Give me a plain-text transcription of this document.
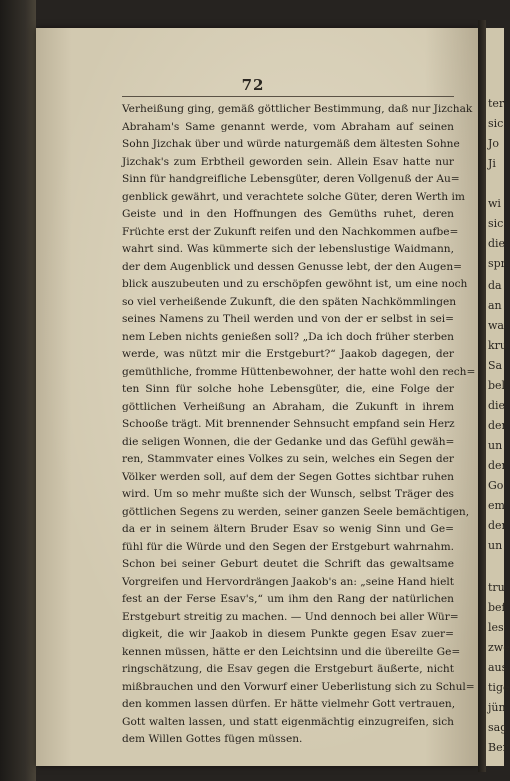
72
Verheißung ging, gemäß göttlicher Bestimmung, daß nur Jizchak
Abraham's Same genannt werde, vom Abraham auf seinen
Sohn Jizchak über und würde naturgemäß dem ältesten Sohne
Jizchak's zum Erbtheil geworden sein. Allein Esav hatte nur
Sinn für handgreifliche Lebensgüter, deren Vollgenuß der Au=
genblick gewährt, und verachtete solche Güter, deren Werth im
Geiste und in den Hoffnungen des Gemüths ruhet, deren
Früchte erst der Zukunft reifen und den Nachkommen aufbe=
wahrt sind. Was kümmerte sich der lebenslustige Waidmann,
der dem Augenblick und dessen Genusse lebt, der den Augen=
blick auszubeuten und zu erschöpfen gewöhnt ist, um eine noch
so viel verheißende Zukunft, die den späten Nachkömmlingen
seines Namens zu Theil werden und von der er selbst in sei=
nem Leben nichts genießen soll? „Da ich doch früher sterben
werde, was nützt mir die Erstgeburt?“ Jaakob dagegen, der
gemüthliche, fromme Hüttenbewohner, der hatte wohl den rech=
ten Sinn für solche hohe Lebensgüter, die, eine Folge der
göttlichen Verheißung an Abraham, die Zukunft in ihrem
Schooße trägt. Mit brennender Sehnsucht empfand sein Herz
die seligen Wonnen, die der Gedanke und das Gefühl gewäh=
ren, Stammvater eines Volkes zu sein, welches ein Segen der
Völker werden soll, auf dem der Segen Gottes sichtbar ruhen
wird. Um so mehr mußte sich der Wunsch, selbst Träger des
göttlichen Segens zu werden, seiner ganzen Seele bemächtigen,
da er in seinem ältern Bruder Esav so wenig Sinn und Ge=
fühl für die Würde und den Segen der Erstgeburt wahrnahm.
Schon bei seiner Geburt deutet die Schrift das gewaltsame
Vorgreifen und Hervordrängen Jaakob's an: „seine Hand hielt
fest an der Ferse Esav's,“ um ihm den Rang der natürlichen
Erstgeburt streitig zu machen. — Und dennoch bei aller Wür=
digkeit, die wir Jaakob in diesem Punkte gegen Esav zuer=
kennen müssen, hätte er den Leichtsinn und die übereilte Ge=
ringschätzung, die Esav gegen die Erstgeburt äußerte, nicht
mißbrauchen und den Vorwurf einer Ueberlistung sich zu Schul=
den kommen lassen dürfen. Er hätte vielmehr Gott vertrauen,
Gott walten lassen, und statt eigenmächtig einzugreifen, sich
dem Willen Gottes fügen müssen.
ter
sic
Jo
Ji
wi
sic
die
spr
da
an
wa
kru
Sa
bel
die
der
un
der
Go
em
der
un
tru
bef
les
zwe
aus
tige
jün
sag
Ber
